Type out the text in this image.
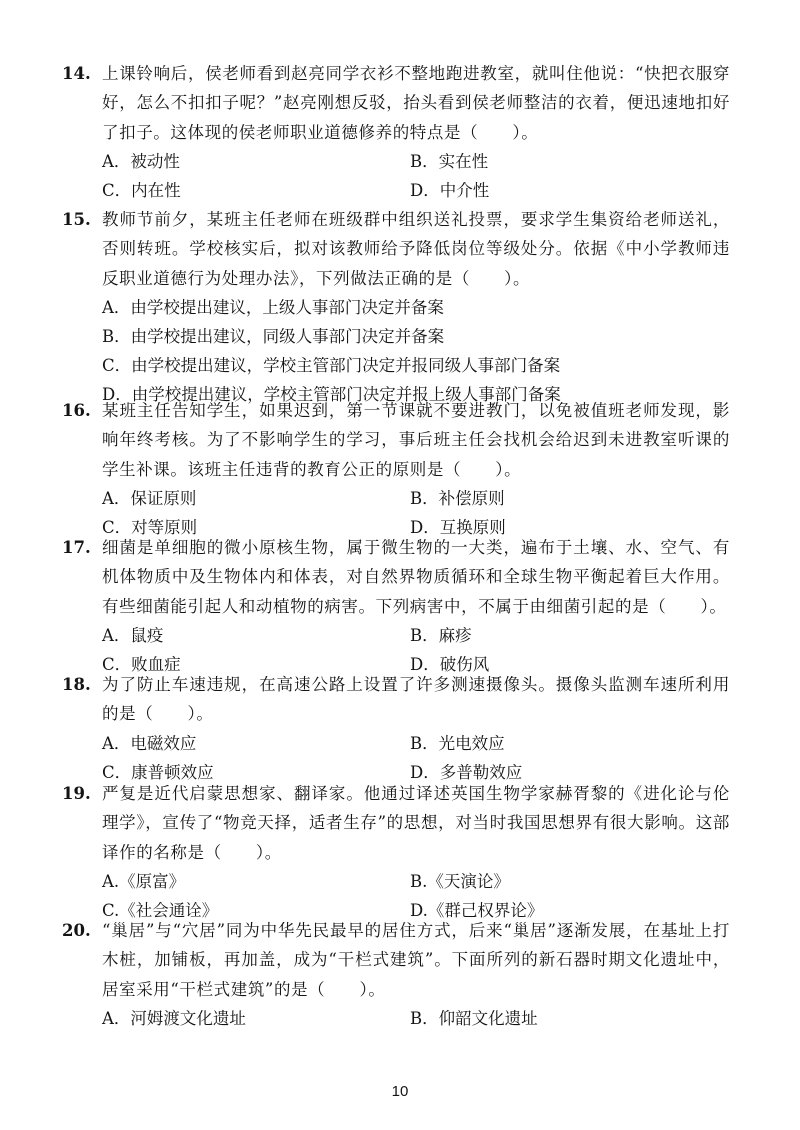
14. 上课铃响后，侯老师看到赵亮同学衣衫不整地跑进教室，就叫住他说：“快把衣服穿好，怎么不扣扣子呢？”赵亮刚想反驳，抬头看到侯老师整洁的衣着，便迅速地扣好了扣子。这体现的侯老师职业道德修养的特点是（　　）。
A．被动性	B．实在性
C．内在性	D．中介性
15. 教师节前夕，某班主任老师在班级群中组织送礼投票，要求学生集资给老师送礼，否则转班。学校核实后，拟对该教师给予降低岗位等级处分。依据《中小学教师违反职业道德行为处理办法》，下列做法正确的是（　　）。
A．由学校提出建议，上级人事部门决定并备案
B．由学校提出建议，同级人事部门决定并备案
C．由学校提出建议，学校主管部门决定并报同级人事部门备案
D．由学校提出建议，学校主管部门决定并报上级人事部门备案
16. 某班主任告知学生，如果迟到，第一节课就不要进教门，以免被值班老师发现，影响年终考核。为了不影响学生的学习，事后班主任会找机会给迟到未进教室听课的学生补课。该班主任违背的教育公正的原则是（　　）。
A．保证原则	B．补偿原则
C．对等原则	D．互换原则
17. 细菌是单细胞的微小原核生物，属于微生物的一大类，遍布于土壤、水、空气、有机体物质中及生物体内和体表，对自然界物质循环和全球生物平衡起着巨大作用。有些细菌能引起人和动植物的病害。下列病害中，不属于由细菌引起的是（　　）。
A．鼠疫	B．麻疹
C．败血症	D．破伤风
18. 为了防止车速违规，在高速公路上设置了许多测速摄像头。摄像头监测车速所利用的是（　　）。
A．电磁效应	B．光电效应
C．康普顿效应	D．多普勒效应
19. 严复是近代启蒙思想家、翻译家。他通过译述英国生物学家赫胥黎的《进化论与伦理学》，宣传了“物竞天择，适者生存”的思想，对当时我国思想界有很大影响。这部译作的名称是（　　）。
A.《原富》	B.《天演论》
C.《社会通诠》	D.《群己权界论》
20. “巢居”与“穴居”同为中华先民最早的居住方式，后来“巢居”逐渐发展，在基址上打木桩，加铺板，再加盖，成为“干栏式建筑”。下面所列的新石器时期文化遗址中，居室采用“干栏式建筑”的是（　　）。
A．河姆渡文化遗址	B．仰韶文化遗址
10
